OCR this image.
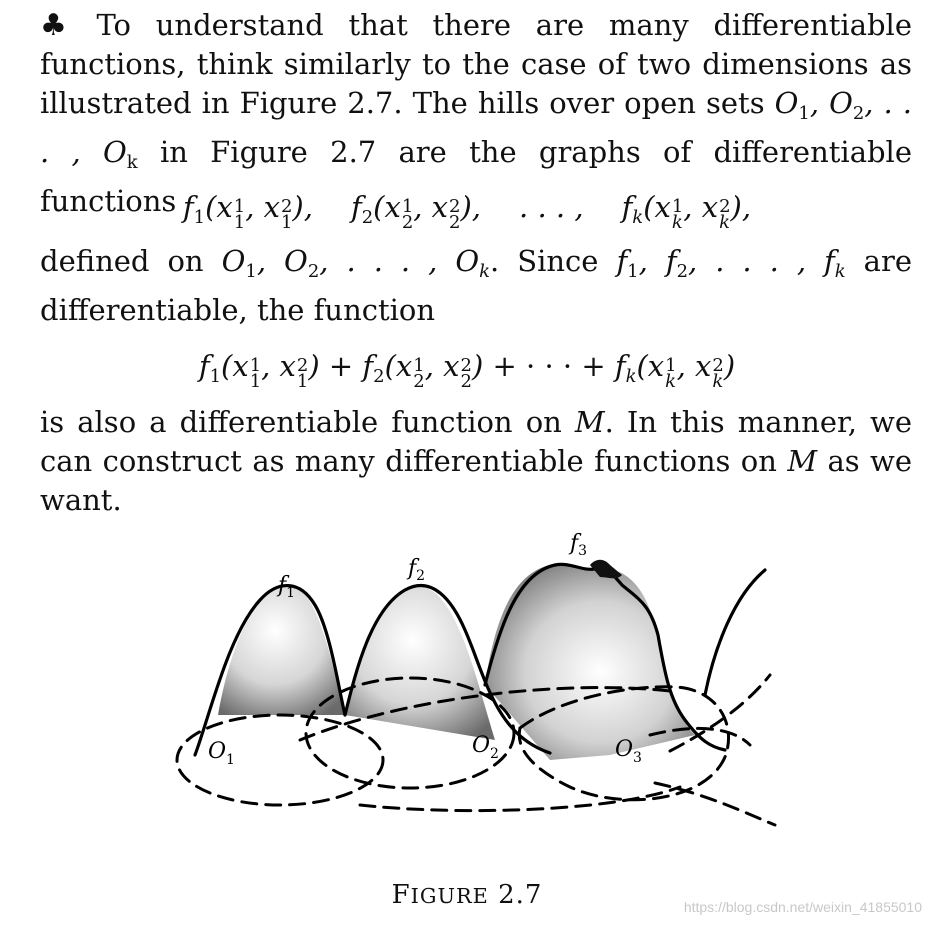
♣ To understand that there are many differentiable functions, think similarly to the case of two dimensions as illustrated in Figure 2.7. The hills over open sets $O_1$, $O_2$, . . . , $O_k$ in Figure 2.7 are the graphs of differentiable functions $f_1(x$ 1
1 , x 2
1 ), $f_2(x$ 1
2 , x 2
2 ), . . . , $f_k(x$ 1
k , x 2
k ),
defined on $O_1$, $O_2$, . . . , $O_k$. Since $f_1$, $f_2$, . . . , $f_k$ are differentiable, the function
$f_1(x$ 1
1 , x 2
1 ) + $f_2(x$ 1
2 , x 2
2 ) + · · · + $f_k(x$ 1
k , x 2
k )
is also a differentiable function on M. In this manner, we can construct as many differentiable functions on M as we want.
$f_1$
$f_2$
$f_3$
$O_1$
$O_2$	$O_3$
FIGURE 2.7	https://blog.csdn.net/weixin_41855010
